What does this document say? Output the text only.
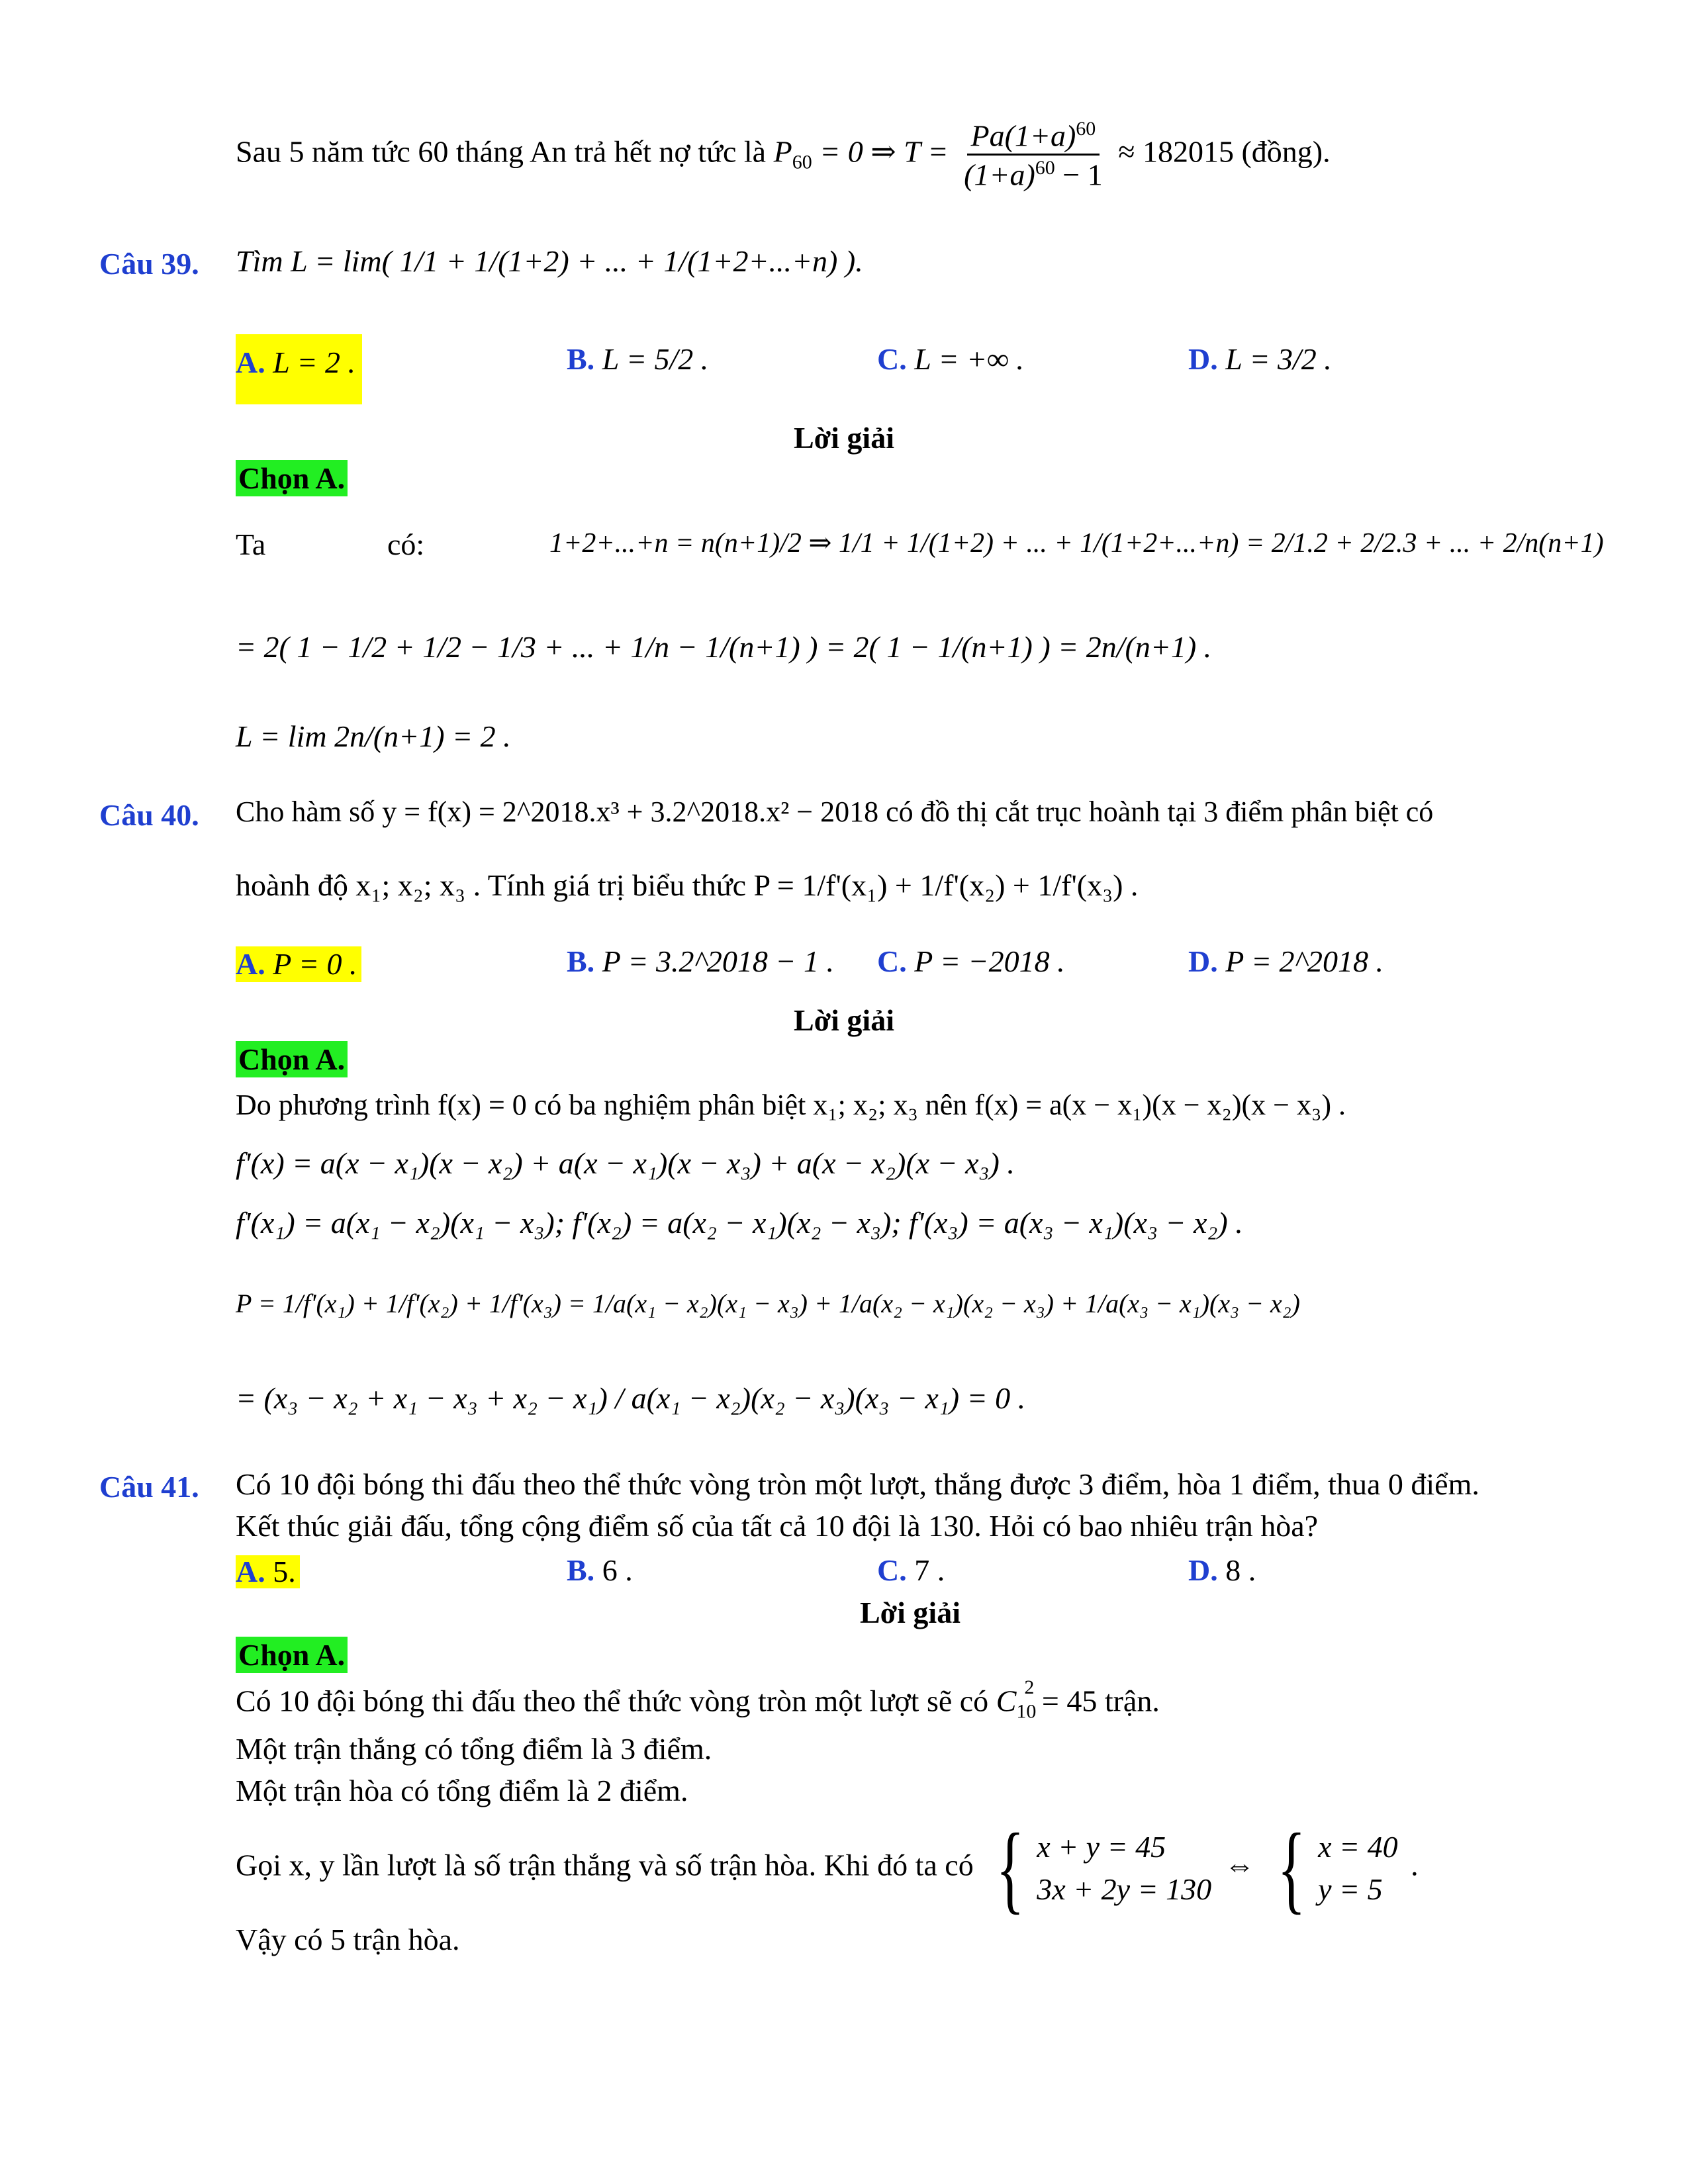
Sau 5 năm tức 60 tháng An trả hết nợ tức là $P_{60} = 0$ ⇒ $T = \frac{Pa(1+a)^{60}}{(1+a)^{60} - 1} \approx 182015$ (đồng).
Câu 39. Tìm L = lim( 1/1 + 1/(1+2) + ... + 1/(1+2+...+n) ).
A. L = 2 .	B. L = 5/2 .	C. L = +∞ .	D. L = 3/2 .
Lời giải
Chọn A.
Ta	có:	1+2+...+n = n(n+1)/2 ⇒ 1/1 + 1/(1+2) + ... + 1/(1+2+...+n) = 2/1.2 + 2/2.3 + ... + 2/n(n+1)
= 2( 1 − 1/2 + 1/2 − 1/3 + ... + 1/n − 1/(n+1) ) = 2( 1 − 1/(n+1) ) = 2n/(n+1) .
L = lim 2n/(n+1) = 2 .
Câu 40. Cho hàm số y = f(x) = 2^2018.x³ + 3.2^2018.x² − 2018 có đồ thị cắt trục hoành tại 3 điểm phân biệt có
hoành độ x₁; x₂; x₃ . Tính giá trị biểu thức P = 1/f'(x₁) + 1/f'(x₂) + 1/f'(x₃) .
A. P = 0 .	B. P = 3.2^2018 − 1 . C. P = −2018 .	D. P = 2^2018 .
Lời giải
Chọn A.
Do phương trình f(x) = 0 có ba nghiệm phân biệt x₁; x₂; x₃ nên f(x) = a(x − x₁)(x − x₂)(x − x₃) .
f'(x) = a(x − x₁)(x − x₂) + a(x − x₁)(x − x₃) + a(x − x₂)(x − x₃) .
f'(x₁) = a(x₁ − x₂)(x₁ − x₃); f'(x₂) = a(x₂ − x₁)(x₂ − x₃); f'(x₃) = a(x₃ − x₁)(x₃ − x₂) .
P = 1/f'(x₁) + 1/f'(x₂) + 1/f'(x₃) = 1/a(x₁ − x₂)(x₁ − x₃) + 1/a(x₂ − x₁)(x₂ − x₃) + 1/a(x₃ − x₁)(x₃ − x₂)
= (x₃ − x₂ + x₁ − x₃ + x₂ − x₁) / a(x₁ − x₂)(x₂ − x₃)(x₃ − x₁) = 0 .
Câu 41. Có 10 đội bóng thi đấu theo thể thức vòng tròn một lượt, thắng được 3 điểm, hòa 1 điểm, thua 0 điểm.
Kết thúc giải đấu, tổng cộng điểm số của tất cả 10 đội là 130. Hỏi có bao nhiêu trận hòa?
A. 5.	B. 6 .	C. 7 .	D. 8 .
Lời giải
Chọn A.
Có 10 đội bóng thi đấu theo thể thức vòng tròn một lượt sẽ có $C_{10}^2 = 45$ trận.
Một trận thắng có tổng điểm là 3 điểm.
Một trận hòa có tổng điểm là 2 điểm.
Gọi x, y lần lượt là số trận thắng và số trận hòa. Khi đó ta có { x + y = 45
3x + 2y = 130
⇔ { x = 40
y = 5
.
Vậy có 5 trận hòa.
